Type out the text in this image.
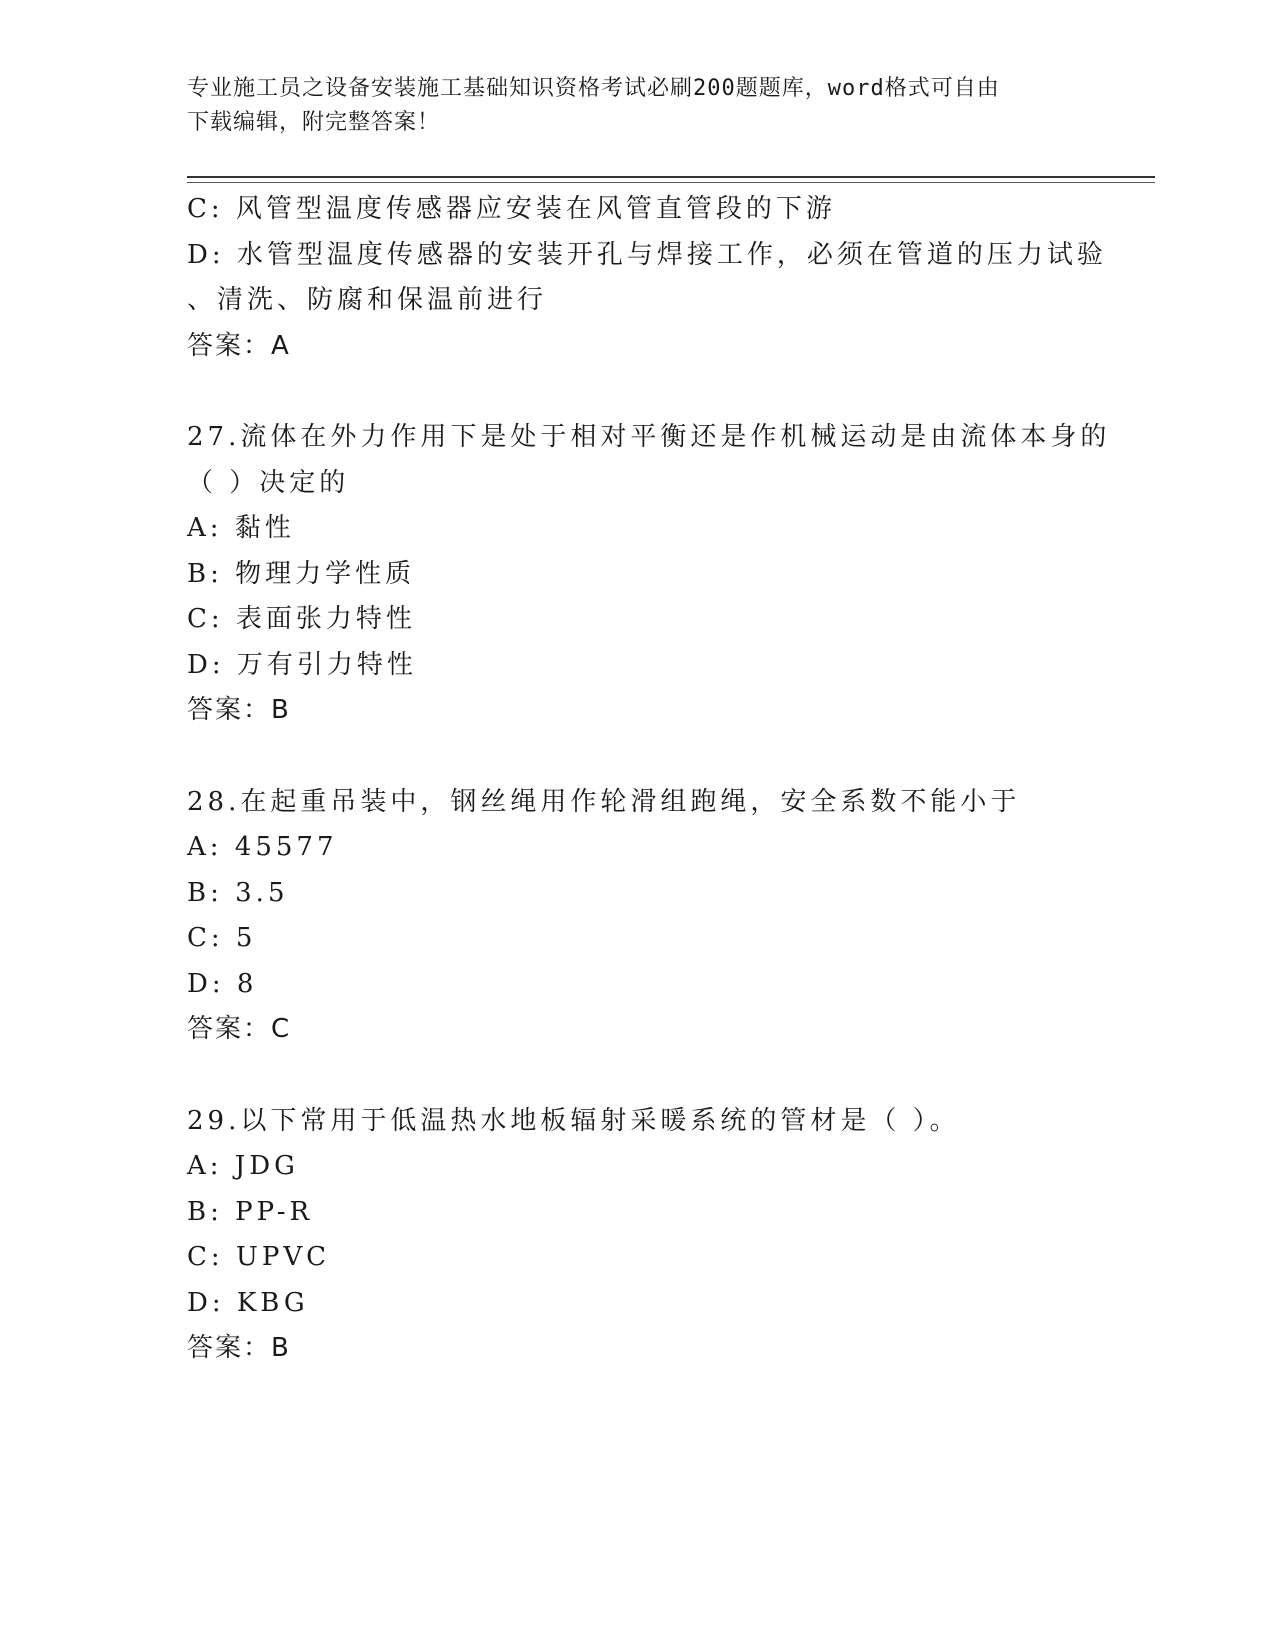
专业施工员之设备安装施工基础知识资格考试必刷200题题库，word格式可自由
下载编辑，附完整答案！
C: 风管型温度传感器应安装在风管直管段的下游
D: 水管型温度传感器的安装开孔与焊接工作，必须在管道的压力试验
、清洗、防腐和保温前进行
答案：A
27.流体在外力作用下是处于相对平衡还是作机械运动是由流体本身的
（ ）决定的
A: 黏性
B: 物理力学性质
C: 表面张力特性
D: 万有引力特性
答案：B
28.在起重吊装中，钢丝绳用作轮滑组跑绳，安全系数不能小于
A: 45577
B: 3.5
C: 5
D: 8
答案：C
29.以下常用于低温热水地板辐射采暖系统的管材是（ ）。
A: JDG
B: PP-R
C: UPVC
D: KBG
答案：B
